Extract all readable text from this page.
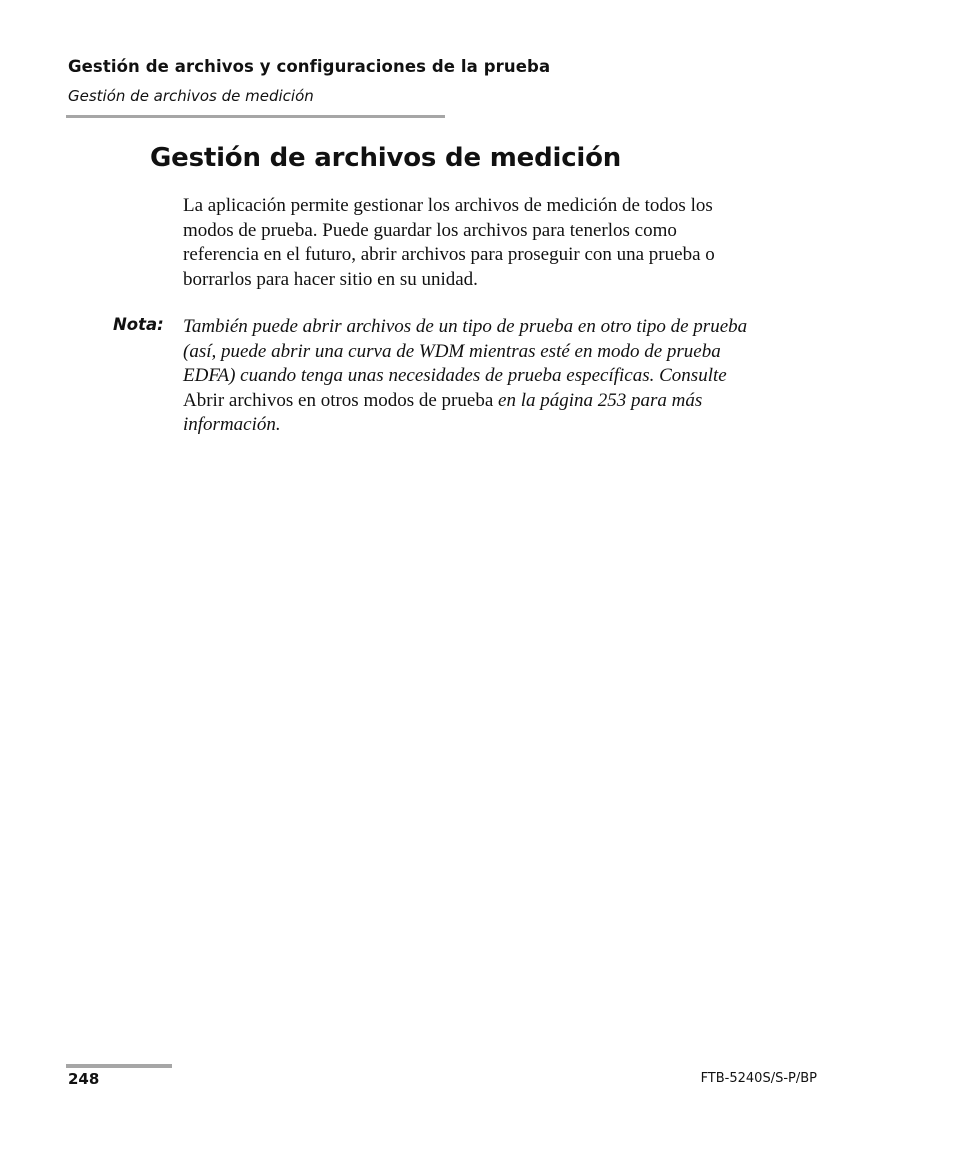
Gestión de archivos y configuraciones de la prueba
Gestión de archivos de medición
Gestión de archivos de medición
La aplicación permite gestionar los archivos de medición de todos los
modos de prueba. Puede guardar los archivos para tenerlos como
referencia en el futuro, abrir archivos para proseguir con una prueba o
borrarlos para hacer sitio en su unidad.
Nota: También puede abrir archivos de un tipo de prueba en otro tipo de prueba
(así, puede abrir una curva de WDM mientras esté en modo de prueba
EDFA) cuando tenga unas necesidades de prueba específicas. Consulte
Abrir archivos en otros modos de prueba en la página 253 para más
información.
248	FTB-5240S/S-P/BP
